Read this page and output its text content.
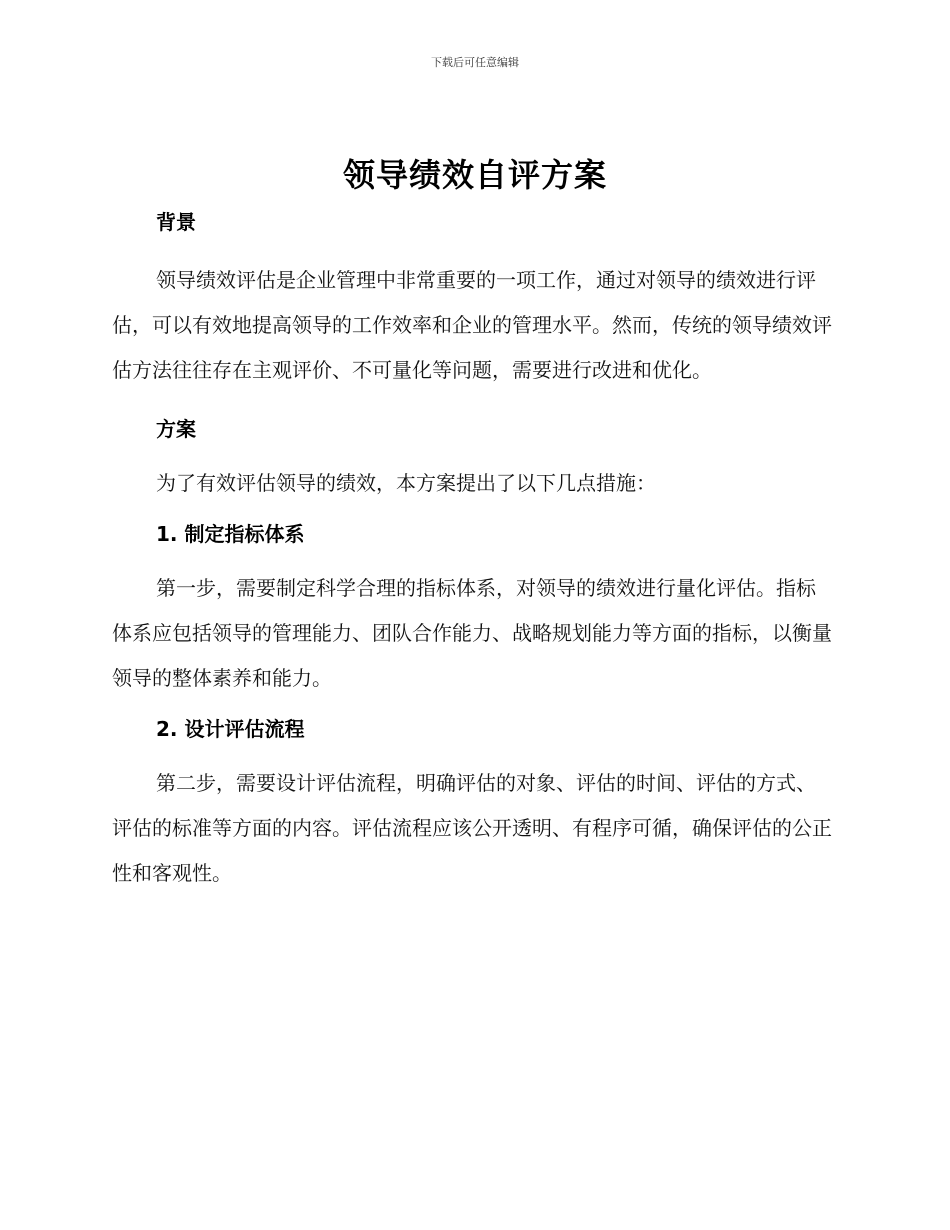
下载后可任意编辑
领导绩效自评方案
背景

领导绩效评估是企业管理中非常重要的一项工作，通过对领导的绩效进行评估，可以有效地提高领导的工作效率和企业的管理水平。然而，传统的领导绩效评估方法往往存在主观评价、不可量化等问题，需要进行改进和优化。

方案

为了有效评估领导的绩效，本方案提出了以下几点措施：

1. 制定指标体系

第一步，需要制定科学合理的指标体系，对领导的绩效进行量化评估。指标体系应包括领导的管理能力、团队合作能力、战略规划能力等方面的指标，以衡量领导的整体素养和能力。

2. 设计评估流程

第二步，需要设计评估流程，明确评估的对象、评估的时间、评估的方式、评估的标准等方面的内容。评估流程应该公开透明、有程序可循，确保评估的公正性和客观性。
